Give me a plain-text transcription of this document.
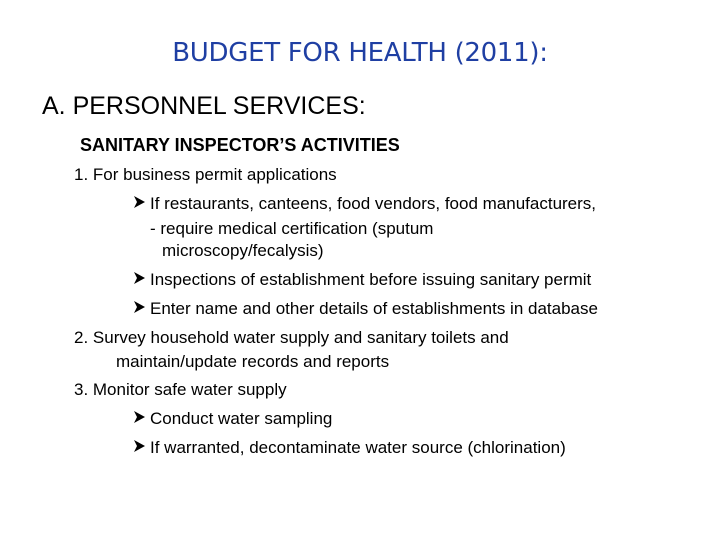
BUDGET FOR HEALTH (2011):
A. PERSONNEL SERVICES:
SANITARY INSPECTOR’S ACTIVITIES
1. For business permit applications
If restaurants, canteens, food vendors, food manufacturers,
- require medical certification (sputum
microscopy/fecalysis)
Inspections of establishment before issuing sanitary permit
Enter name and other details of establishments in database
2. Survey household water supply and sanitary toilets and
maintain/update records and reports
3. Monitor safe water supply
Conduct water sampling
If warranted, decontaminate water source (chlorination)
